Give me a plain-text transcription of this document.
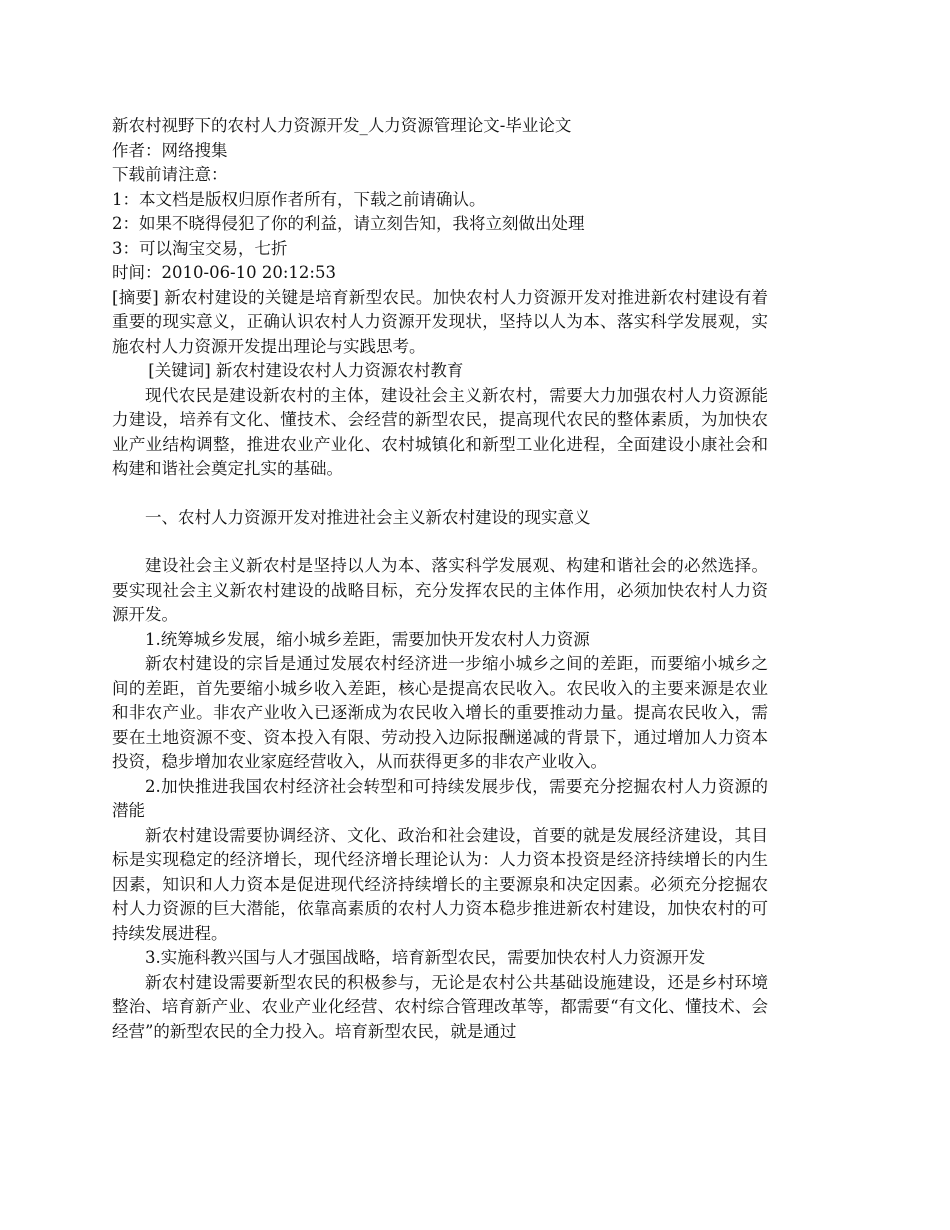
新农村视野下的农村人力资源开发_人力资源管理论文-毕业论文
作者：网络搜集
下载前请注意：
1：本文档是版权归原作者所有，下载之前请确认。
2：如果不晓得侵犯了你的利益，请立刻告知，我将立刻做出处理
3：可以淘宝交易，七折
时间：2010-06-10 20:12:53
[摘要] 新农村建设的关键是培育新型农民。加快农村人力资源开发对推进新农村建设有着重要的现实意义，正确认识农村人力资源开发现状，坚持以人为本、落实科学发展观，实施农村人力资源开发提出理论与实践思考。
[关键词] 新农村建设农村人力资源农村教育
现代农民是建设新农村的主体，建设社会主义新农村，需要大力加强农村人力资源能力建设，培养有文化、懂技术、会经营的新型农民，提高现代农民的整体素质，为加快农业产业结构调整，推进农业产业化、农村城镇化和新型工业化进程，全面建设小康社会和构建和谐社会奠定扎实的基础。
一、农村人力资源开发对推进社会主义新农村建设的现实意义
建设社会主义新农村是坚持以人为本、落实科学发展观、构建和谐社会的必然选择。要实现社会主义新农村建设的战略目标，充分发挥农民的主体作用，必须加快农村人力资源开发。
1.统筹城乡发展，缩小城乡差距，需要加快开发农村人力资源
新农村建设的宗旨是通过发展农村经济进一步缩小城乡之间的差距，而要缩小城乡之间的差距，首先要缩小城乡收入差距，核心是提高农民收入。农民收入的主要来源是农业和非农产业。非农产业收入已逐渐成为农民收入增长的重要推动力量。提高农民收入，需要在土地资源不变、资本投入有限、劳动投入边际报酬递减的背景下，通过增加人力资本投资，稳步增加农业家庭经营收入，从而获得更多的非农产业收入。
2.加快推进我国农村经济社会转型和可持续发展步伐，需要充分挖掘农村人力资源的潜能
新农村建设需要协调经济、文化、政治和社会建设，首要的就是发展经济建设，其目标是实现稳定的经济增长，现代经济增长理论认为：人力资本投资是经济持续增长的内生因素，知识和人力资本是促进现代经济持续增长的主要源泉和决定因素。必须充分挖掘农村人力资源的巨大潜能，依靠高素质的农村人力资本稳步推进新农村建设，加快农村的可持续发展进程。
3.实施科教兴国与人才强国战略，培育新型农民，需要加快农村人力资源开发
新农村建设需要新型农民的积极参与，无论是农村公共基础设施建设，还是乡村环境整治、培育新产业、农业产业化经营、农村综合管理改革等，都需要“有文化、懂技术、会经营”的新型农民的全力投入。培育新型农民，就是通过
